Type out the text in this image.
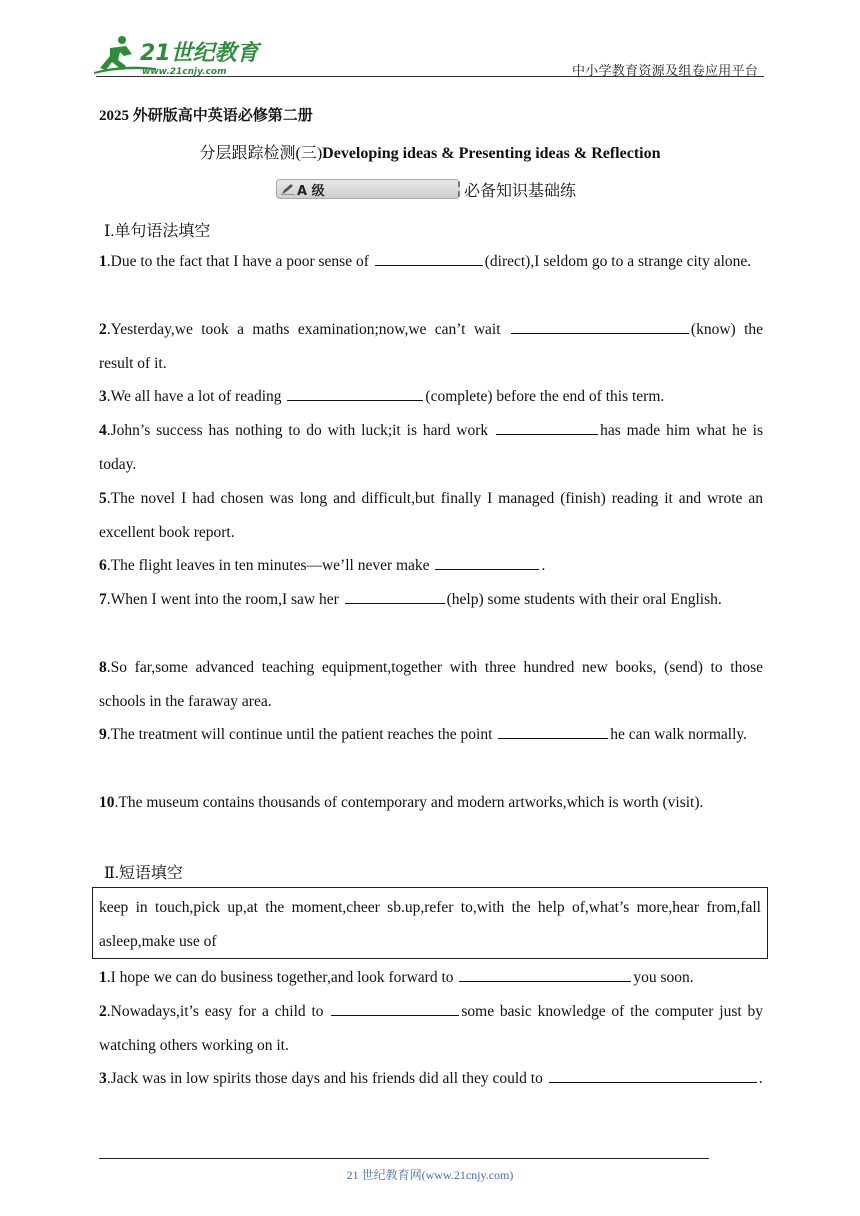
21世纪教育
www.21cnjy.com	中小学教育资源及组卷应用平台
2025 外研版高中英语必修第二册
分层跟踪检测(三)Developing ideas & Presenting ideas & Reflection
A 级	必备知识基础练
Ⅰ.单句语法填空
1.Due to the fact that I have a poor sense of	(direct),I seldom go to a strange city alone.
2.Yesterday,we took a maths examination;now,we can’t wait	(know) the result of it.
3.We all have a lot of reading	(complete) before the end of this term.
4.John’s success has nothing to do with luck;it is hard work	has made him what he is today.
5.The novel I had chosen was long and difficult,but finally I managed (finish) reading it and wrote an excellent book report.
6.The flight leaves in ten minutes—we’ll never make	.
7.When I went into the room,I saw her	(help) some students with their oral English.
8.So far,some advanced teaching equipment,together with three hundred new books, (send) to those schools in the faraway area.
9.The treatment will continue until the patient reaches the point	he can walk normally.
10.The museum contains thousands of contemporary and modern artworks,which is worth (visit).
Ⅱ.短语填空
keep in touch,pick up,at the moment,cheer sb.up,refer to,with the help of,what’s more,hear from,fall asleep,make use of
1.I hope we can do business together,and look forward to	you soon.
2.Nowadays,it’s easy for a child to	some basic knowledge of the computer just by watching others working on it.
3.Jack was in low spirits those days and his friends did all they could to	.
21 世纪教育网(www.21cnjy.com)
